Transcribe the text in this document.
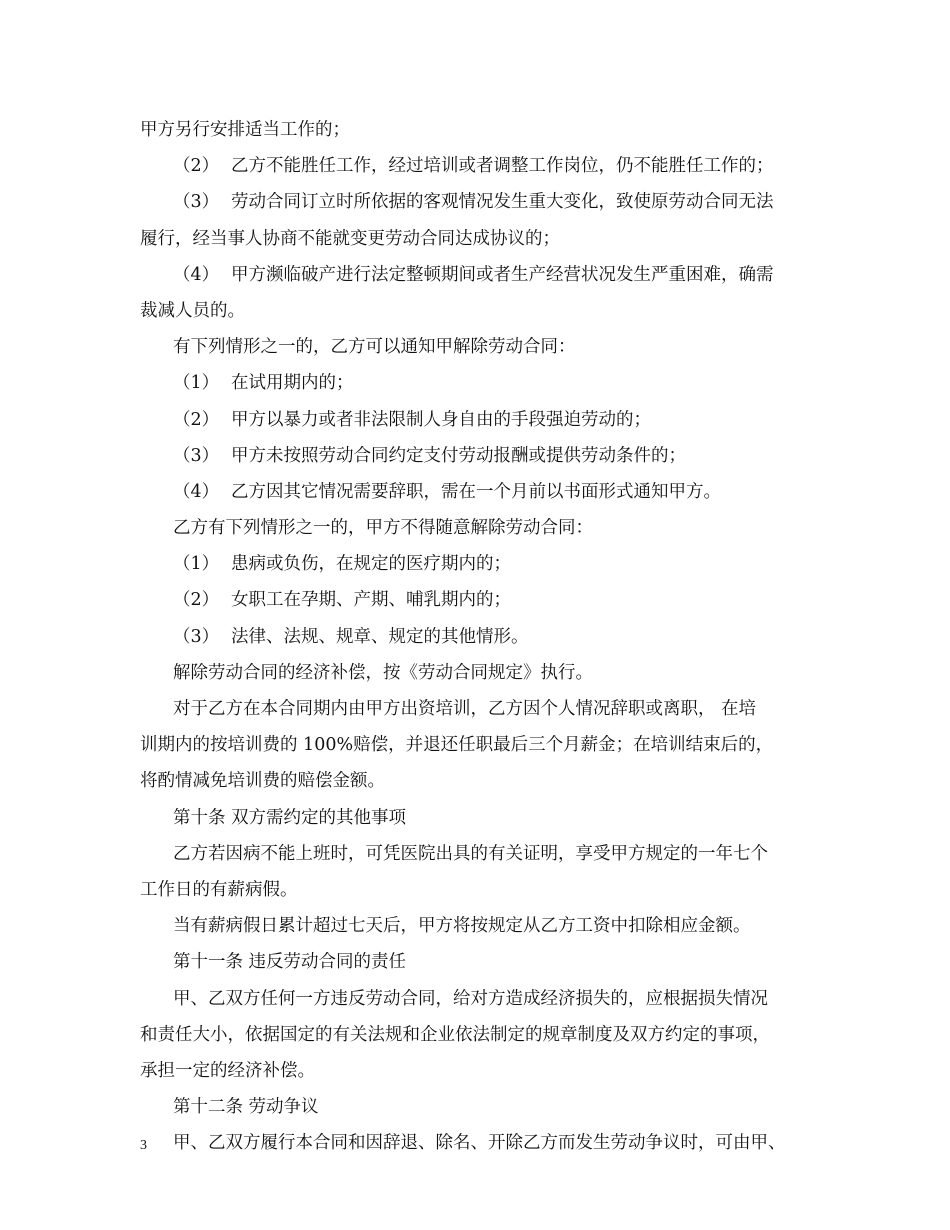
甲方另行安排适当工作的；
（2） 乙方不能胜任工作，经过培训或者调整工作岗位，仍不能胜任工作的；
（3） 劳动合同订立时所依据的客观情况发生重大变化，致使原劳动合同无法
履行，经当事人协商不能就变更劳动合同达成协议的；
（4） 甲方濒临破产进行法定整顿期间或者生产经营状况发生严重困难，确需
裁减人员的。
有下列情形之一的，乙方可以通知甲解除劳动合同：
（1） 在试用期内的；
（2） 甲方以暴力或者非法限制人身自由的手段强迫劳动的；
（3） 甲方未按照劳动合同约定支付劳动报酬或提供劳动条件的；
（4） 乙方因其它情况需要辞职，需在一个月前以书面形式通知甲方。
乙方有下列情形之一的，甲方不得随意解除劳动合同：
（1） 患病或负伤，在规定的医疗期内的；
（2） 女职工在孕期、产期、哺乳期内的；
（3） 法律、法规、规章、规定的其他情形。
解除劳动合同的经济补偿，按《劳动合同规定》执行。
对于乙方在本合同期内由甲方出资培训，乙方因个人情况辞职或离职， 在培
训期内的按培训费的 100%赔偿，并退还任职最后三个月薪金；在培训结束后的，
将酌情减免培训费的赔偿金额。
第十条 双方需约定的其他事项
乙方若因病不能上班时，可凭医院出具的有关证明，享受甲方规定的一年七个
工作日的有薪病假。
当有薪病假日累计超过七天后，甲方将按规定从乙方工资中扣除相应金额。
第十一条 违反劳动合同的责任
甲、乙双方任何一方违反劳动合同，给对方造成经济损失的，应根据损失情况
和责任大小，依据国定的有关法规和企业依法制定的规章制度及双方约定的事项，
承担一定的经济补偿。
第十二条 劳动争议
甲、乙双方履行本合同和因辞退、除名、开除乙方而发生劳动争议时，可由甲、
3
